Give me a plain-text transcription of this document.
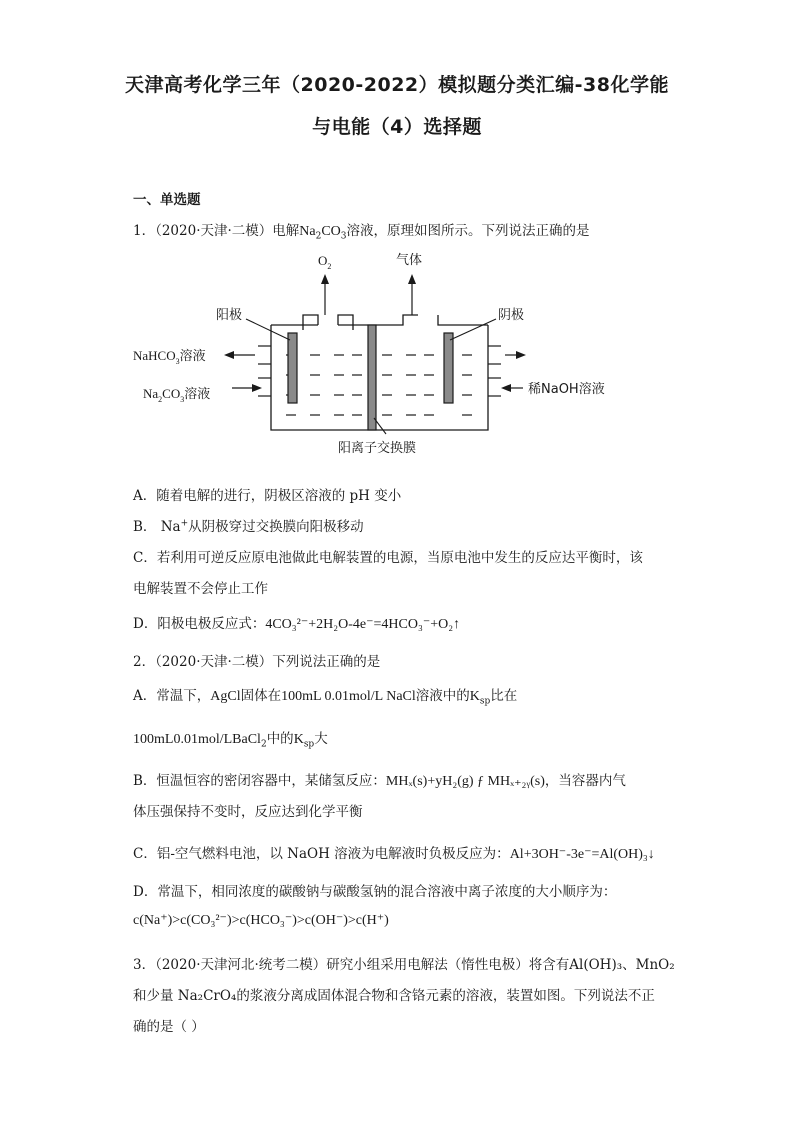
天津高考化学三年（2020-2022）模拟题分类汇编-38化学能
与电能（4）选择题
一、单选题
1．（2020·天津·二模）电解$Na_2CO_3$溶液，原理如图所示。下列说法正确的是
$O_2$	气体
阳极	阴极
NaHCO$_3$溶液
$Na_2CO_3$溶液	稀NaOH溶液
阳离子交换膜
A．随着电解的进行，阴极区溶液的 pH 变小
B． Na+从阴极穿过交换膜向阳极移动
C．若利用可逆反应原电池做此电解装置的电源，当原电池中发生的反应达平衡时，该
电解装置不会停止工作
D．阳极电极反应式：4CO₃²⁻+2H₂O-4e⁻=4HCO₃⁻+O₂↑
2．（2020·天津·二模）下列说法正确的是
A．常温下，AgCl固体在100mL 0.01mol/L NaCl溶液中的$K_{sp}$比在
100mL0.01mol/LBaCl$_2$中的$K_{sp}$大
B．恒温恒容的密闭容器中，某储氢反应：MHₓ(s)+yH₂(g) ƒ MHₓ₊₂ᵧ(s)，当容器内气
体压强保持不变时，反应达到化学平衡
C．铝-空气燃料电池，以 NaOH 溶液为电解液时负极反应为：Al+3OH⁻-3e⁻=Al(OH)₃↓
D．常温下，相同浓度的碳酸钠与碳酸氢钠的混合溶液中离子浓度的大小顺序为：
c(Na⁺)>c(CO₃²⁻)>c(HCO₃⁻)>c(OH⁻)>c(H⁺)
3．（2020·天津河北·统考二模）研究小组采用电解法（惰性电极）将含有Al(OH)₃、MnO₂
和少量 Na₂CrO₄的浆液分离成固体混合物和含铬元素的溶液，装置如图。下列说法不正
确的是（ ）
